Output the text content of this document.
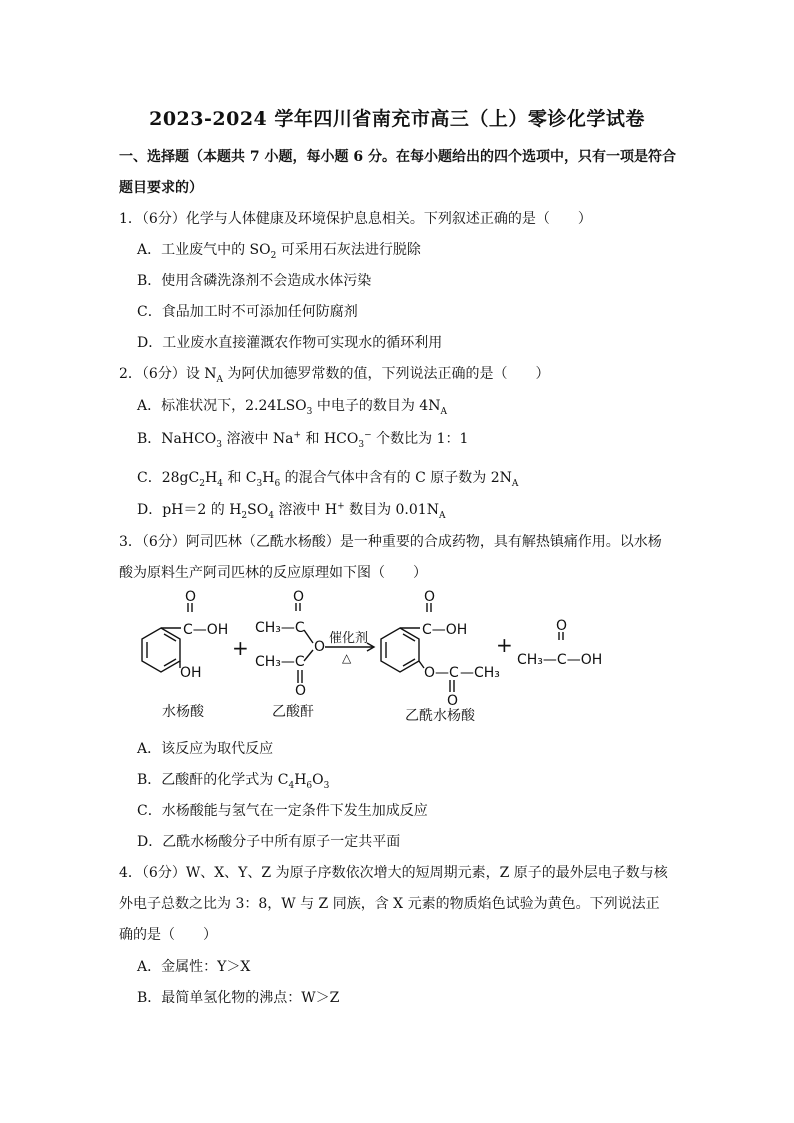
2023-2024 学年四川省南充市高三（上）零诊化学试卷
一、选择题（本题共 7 小题，每小题 6 分。在每小题给出的四个选项中，只有一项是符合
题目要求的）
1．（6分）化学与人体健康及环境保护息息相关。下列叙述正确的是（　　）
A．工业废气中的 $SO_2$ 可采用石灰法进行脱除
B．使用含磷洗涤剂不会造成水体污染
C．食品加工时不可添加任何防腐剂
D．工业废水直接灌溉农作物可实现水的循环利用
2．（6分）设 $N_A$ 为阿伏加德罗常数的值，下列说法正确的是（　　）
A．标准状况下，$2.24LSO_3$ 中电子的数目为 $4N_A$
B．NaHCO$_3$ 溶液中 Na+ 和 $HCO_3^-$ 个数比为 1：1
C．$28gC_2H_4$ 和 $C_3H_6$ 的混合气体中含有的 C 原子数为 $2N_A$
D．pH＝2 的 $H_2SO_4$ 溶液中 H+ 数目为 $0.01N_A$
3．（6分）阿司匹林（乙酰水杨酸）是一种重要的合成药物，具有解热镇痛作用。以水杨
酸为原料生产阿司匹林的反应原理如下图（　　）
O
C—OH
OH
水杨酸
+
O
CH₃—C
O
CH₃—C
O
乙酸酐
催化剂
△
O
C—OH
O—C —CH₃
O
乙酰水杨酸
+
O
CH₃—C—OH
A．该反应为取代反应
B．乙酸酐的化学式为 $C_4H_6O_3$
C．水杨酸能与氢气在一定条件下发生加成反应
D．乙酰水杨酸分子中所有原子一定共平面
4．（6分）W、X、Y、Z 为原子序数依次增大的短周期元素，Z 原子的最外层电子数与核
外电子总数之比为 3：8，W 与 Z 同族，含 X 元素的物质焰色试验为黄色。下列说法正
确的是（　　）
A．金属性：Y＞X
B．最简单氢化物的沸点：W＞Z
